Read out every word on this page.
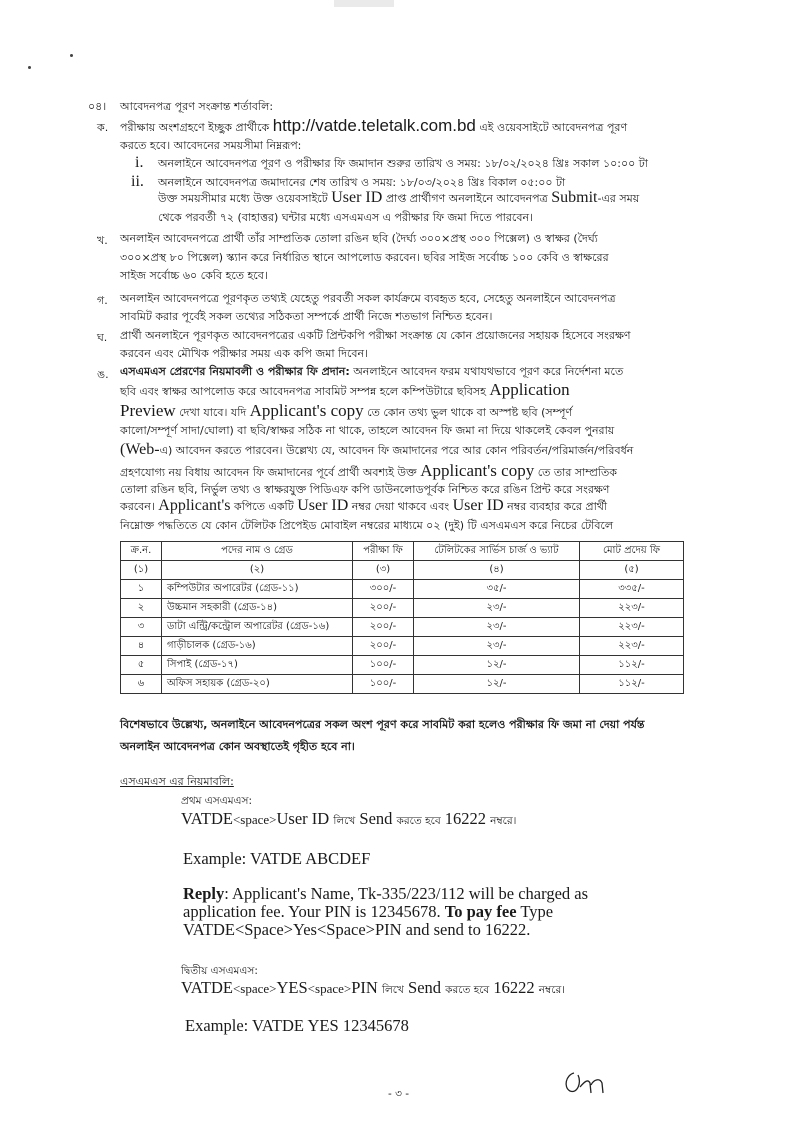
০৪। আবেদনপত্র পূরণ সংক্রান্ত শর্তাবলি:
ক. পরীক্ষায় অংশগ্রহণে ইচ্ছুক প্রার্থীকে http://vatde.teletalk.com.bd এই ওয়েবসাইটে আবেদনপত্র পূরণ
করতে হবে। আবেদনের সময়সীমা নিম্নরূপ:
i. অনলাইনে আবেদনপত্র পূরণ ও পরীক্ষার ফি জমাদান শুরুর তারিখ ও সময়: ১৮/০২/২০২৪ খ্রিঃ সকাল ১০:০০ টা
ii. অনলাইনে আবেদনপত্র জমাদানের শেষ তারিখ ও সময়: ১৮/০৩/২০২৪ খ্রিঃ বিকাল ০৫:০০ টা
উক্ত সময়সীমার মধ্যে উক্ত ওয়েবসাইটে User ID প্রাপ্ত প্রার্থীগণ অনলাইনে আবেদনপত্র Submit-এর সময়
থেকে পরবর্তী ৭২ (বাহাত্তর) ঘন্টার মধ্যে এসএমএস এ পরীক্ষার ফি জমা দিতে পারবেন।
খ. অনলাইন আবেদনপত্রে প্রার্থী তাঁর সাম্প্রতিক তোলা রঙিন ছবি (দৈর্ঘ্য ৩০০×প্রস্থ ৩০০ পিক্সেল) ও স্বাক্ষর (দৈর্ঘ্য
৩০০×প্রস্থ ৮০ পিক্সেল) স্ক্যান করে নির্ধারিত স্থানে আপলোড করবেন। ছবির সাইজ সর্বোচ্চ ১০০ কেবি ও স্বাক্ষরের
সাইজ সর্বোচ্চ ৬০ কেবি হতে হবে।
গ. অনলাইন আবেদনপত্রে পূরণকৃত তথ্যই যেহেতু পরবর্তী সকল কার্যক্রমে ব্যবহৃত হবে, সেহেতু অনলাইনে আবেদনপত্র
সাবমিট করার পূর্বেই সকল তথ্যের সঠিকতা সম্পর্কে প্রার্থী নিজে শতভাগ নিশ্চিত হবেন।
ঘ. প্রার্থী অনলাইনে পূরণকৃত আবেদনপত্রের একটি প্রিন্টকপি পরীক্ষা সংক্রান্ত যে কোন প্রয়োজনের সহায়ক হিসেবে সংরক্ষণ
করবেন এবং মৌখিক পরীক্ষার সময় এক কপি জমা দিবেন।
ঙ. এসএমএস প্রেরণের নিয়মাবলী ও পরীক্ষার ফি প্রদান: অনলাইনে আবেদন ফরম যথাযথভাবে পূরণ করে নির্দেশনা মতে
ছবি এবং স্বাক্ষর আপলোড করে আবেদনপত্র সাবমিট সম্পন্ন হলে কম্পিউটারে ছবিসহ Application
Preview দেখা যাবে। যদি Applicant's copy তে কোন তথ্য ভুল থাকে বা অস্পষ্ট ছবি (সম্পূর্ণ
কালো/সম্পূর্ণ সাদা/ঘোলা) বা ছবি/স্বাক্ষর সঠিক না থাকে, তাহলে আবেদন ফি জমা না দিয়ে থাকলেই কেবল পুনরায়
(Web-এ) আবেদন করতে পারবেন। উল্লেখ্য যে, আবেদন ফি জমাদানের পরে আর কোন পরিবর্তন/পরিমার্জন/পরিবর্ধন
গ্রহণযোগ্য নয় বিধায় আবেদন ফি জমাদানের পূর্বে প্রার্থী অবশ্যই উক্ত Applicant's copy তে তার সাম্প্রতিক
তোলা রঙিন ছবি, নির্ভুল তথ্য ও স্বাক্ষরযুক্ত পিডিএফ কপি ডাউনলোডপূর্বক নিশ্চিত করে রঙিন প্রিন্ট করে সংরক্ষণ
করবেন। Applicant's কপিতে একটি User ID নম্বর দেয়া থাকবে এবং User ID নম্বর ব্যবহার করে প্রার্থী
নিম্নোক্ত পদ্ধতিতে যে কোন টেলিটক প্রিপেইড মোবাইল নম্বরের মাধ্যমে ০২ (দুই) টি এসএমএস করে নিচের টেবিলে
ক্র.ন.	পদের নাম ও গ্রেড	পরীক্ষা ফি	টেলিটকের সার্ভিস চার্জ ও ভ্যাট	মোট প্রদেয় ফি
(১)	(২)	(৩)	(৪)	(৫)
১	কম্পিউটার অপারেটর (গ্রেড-১১)	৩০০/-	৩৫/-	৩৩৫/-
২	উচ্চমান সহকারী (গ্রেড-১৪)	২০০/-	২৩/-	২২৩/-
৩	ডাটা এন্ট্রি/কন্ট্রোল অপারেটর (গ্রেড-১৬)	২০০/-	২৩/-	২২৩/-
৪	গাড়ীচালক (গ্রেড-১৬)	২০০/-	২৩/-	২২৩/-
৫	সিপাই (গ্রেড-১৭)	১০০/-	১২/-	১১২/-
৬	অফিস সহায়ক (গ্রেড-২০)	১০০/-	১২/-	১১২/-
বিশেষভাবে উল্লেখ্য, অনলাইনে আবেদনপত্রের সকল অংশ পূরণ করে সাবমিট করা হলেও পরীক্ষার ফি জমা না দেয়া পর্যন্ত
অনলাইন আবেদনপত্র কোন অবস্থাতেই গৃহীত হবে না।
এসএমএস এর নিয়মাবলি:
প্রথম এসএমএস:
VATDE<space>User ID লিখে Send করতে হবে 16222 নম্বরে।
Example: VATDE ABCDEF
Reply: Applicant's Name, Tk-335/223/112 will be charged as
application fee. Your PIN is 12345678. To pay fee Type
VATDE<Space>Yes<Space>PIN and send to 16222.
দ্বিতীয় এসএমএস:
VATDE<space>YES<space>PIN লিখে Send করতে হবে 16222 নম্বরে।
Example: VATDE YES 12345678
- ৩ -
